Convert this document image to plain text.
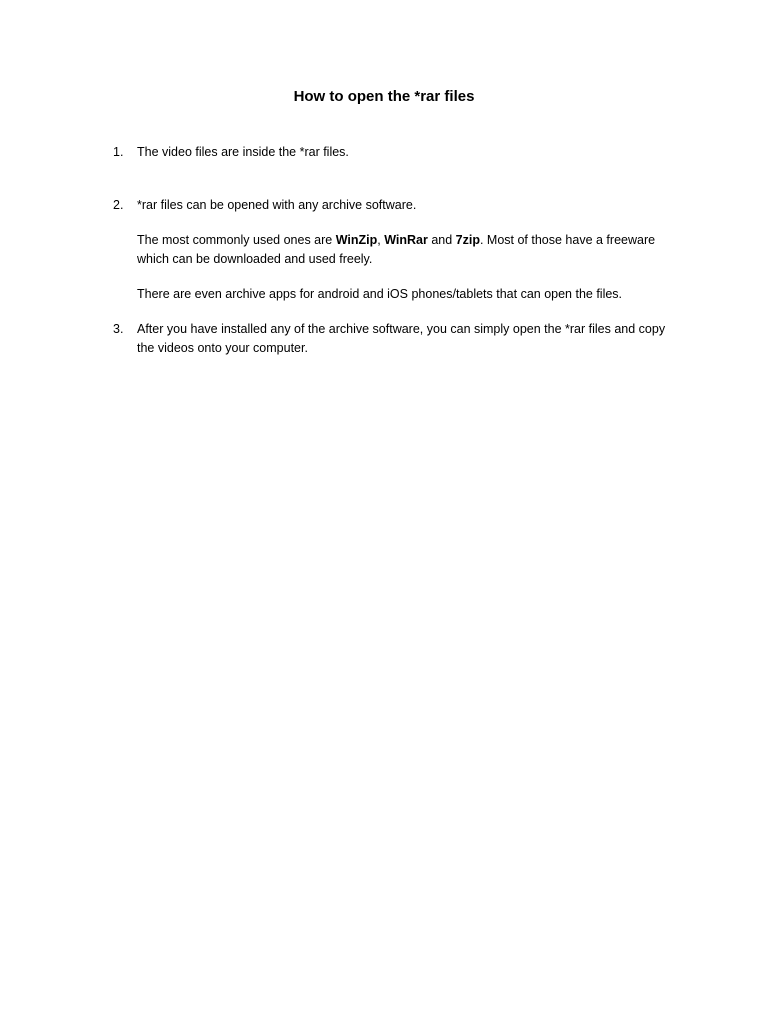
How to open the *rar files
1. The video files are inside the *rar files.

2. *rar files can be opened with any archive software.

The most commonly used ones are WinZip, WinRar and 7zip. Most of those have a freeware which can be downloaded and used freely.

There are even archive apps for android and iOS phones/tablets that can open the files.

3. After you have installed any of the archive software, you can simply open the *rar files and copy the videos onto your computer.
